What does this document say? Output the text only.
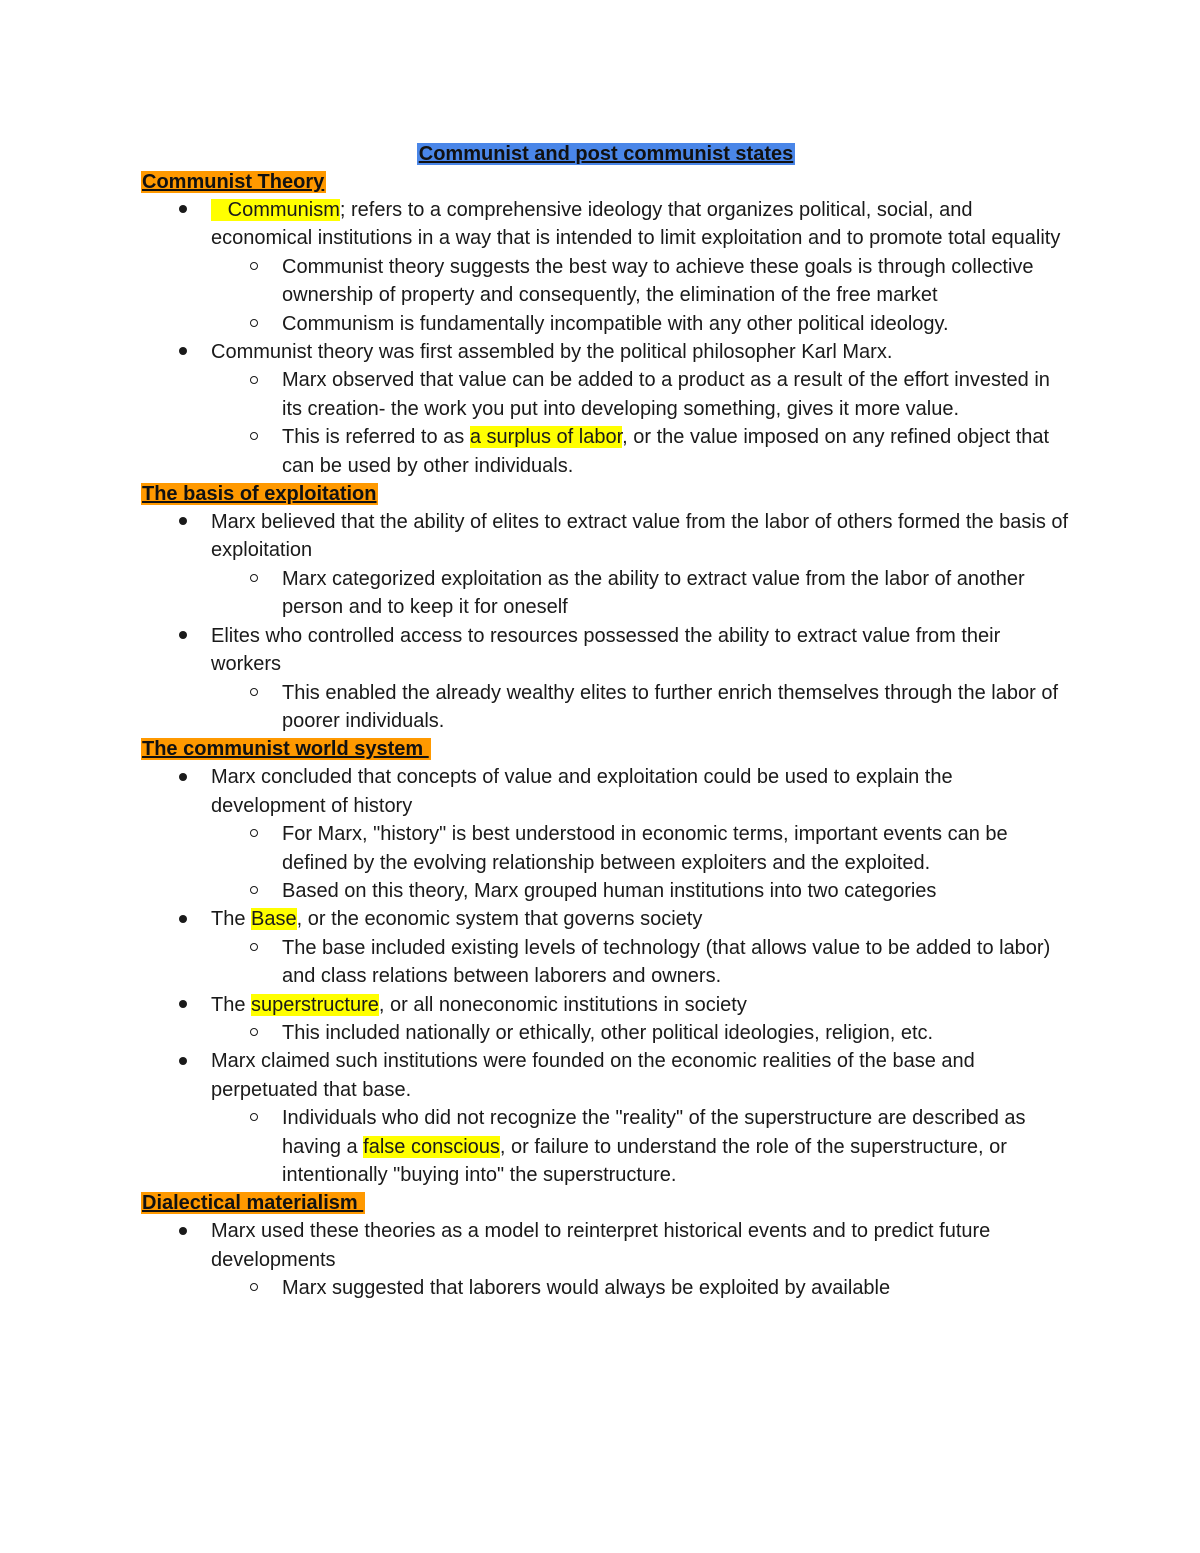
Communist and post communist states
Communist Theory
Communism; refers to a comprehensive ideology that organizes political, social, and economical institutions in a way that is intended to limit exploitation and to promote total equality
Communist theory suggests the best way to achieve these goals is through collective ownership of property and consequently, the elimination of the free market
Communism is fundamentally incompatible with any other political ideology.
Communist theory was first assembled by the political philosopher Karl Marx.
Marx observed that value can be added to a product as a result of the effort invested in its creation- the work you put into developing something, gives it more value.
This is referred to as a surplus of labor, or the value imposed on any refined object that can be used by other individuals.
The basis of exploitation
Marx believed that the ability of elites to extract value from the labor of others formed the basis of exploitation
Marx categorized exploitation as the ability to extract value from the labor of another person and to keep it for oneself
Elites who controlled access to resources possessed the ability to extract value from their workers
This enabled the already wealthy elites to further enrich themselves through the labor of poorer individuals.
The communist world system
Marx concluded that concepts of value and exploitation could be used to explain the development of history
For Marx, "history" is best understood in economic terms, important events can be defined by the evolving relationship between exploiters and the exploited.
Based on this theory, Marx grouped human institutions into two categories
The Base, or the economic system that governs society
The base included existing levels of technology (that allows value to be added to labor) and class relations between laborers and owners.
The superstructure, or all noneconomic institutions in society
This included nationally or ethically, other political ideologies, religion, etc.
Marx claimed such institutions were founded on the economic realities of the base and perpetuated that base.
Individuals who did not recognize the "reality" of the superstructure are described as having a false conscious, or failure to understand the role of the superstructure, or intentionally "buying into" the superstructure.
Dialectical materialism
Marx used these theories as a model to reinterpret historical events and to predict future developments
Marx suggested that laborers would always be exploited by available
